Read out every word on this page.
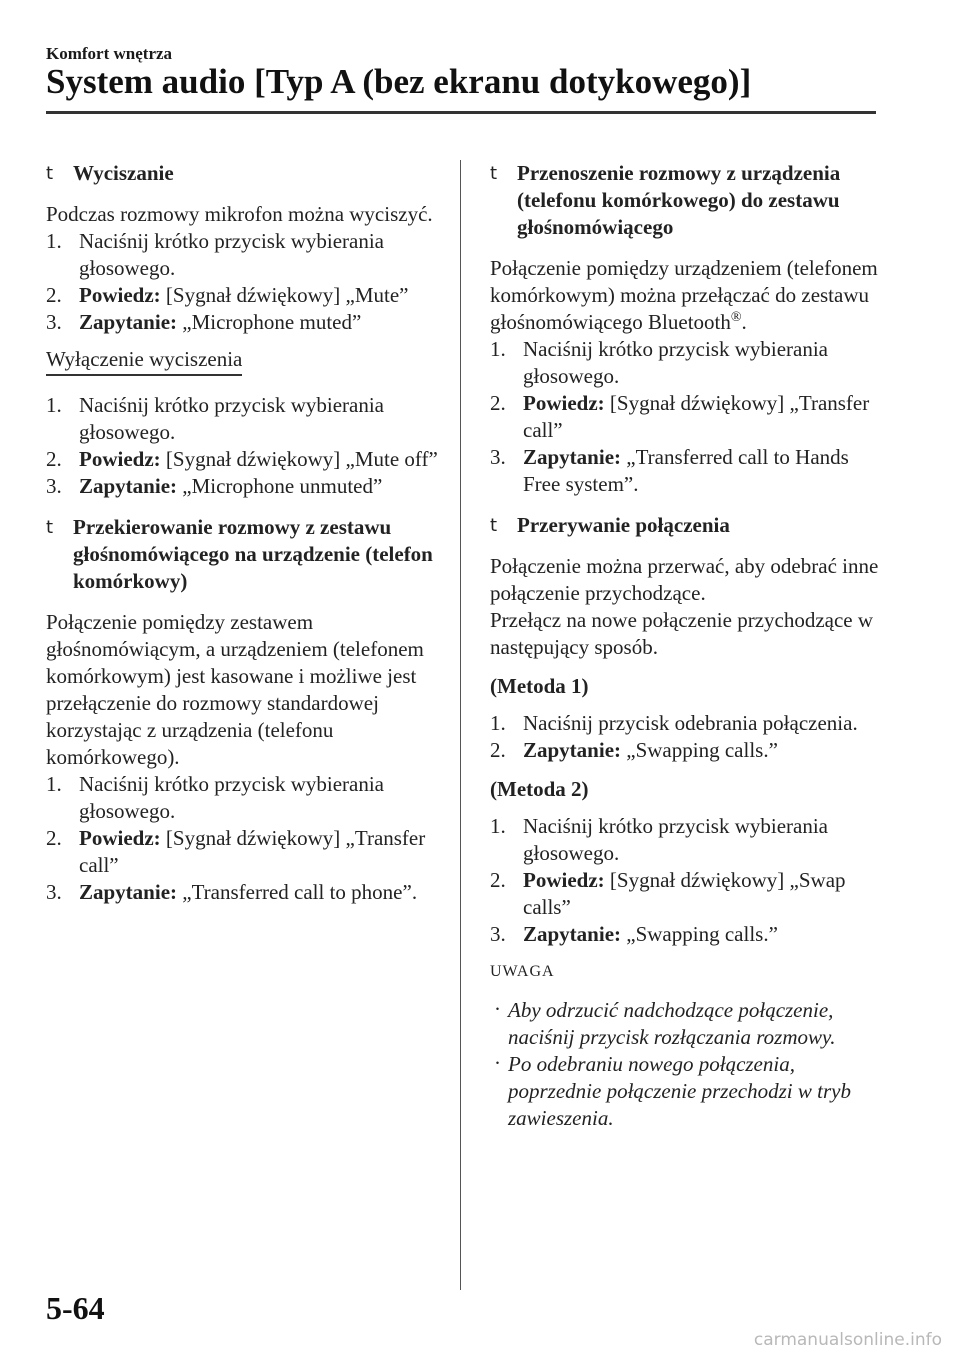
Komfort wnętrza
System audio [Typ A (bez ekranu dotykowego)]
t Wyciszanie

Podczas rozmowy mikrofon można wyciszyć.

1. Naciśnij krótko przycisk wybierania głosowego.
2. Powiedz: [Sygnał dźwiękowy] „Mute”
3. Zapytanie: „Microphone muted”
Wyłączenie wyciszenia
1. Naciśnij krótko przycisk wybierania głosowego.
2. Powiedz: [Sygnał dźwiękowy] „Mute off”
3. Zapytanie: „Microphone unmuted”
t Przekierowanie rozmowy z zestawu głośnomówiącego na urządzenie (telefon komórkowy)

Połączenie pomiędzy zestawem głośnomówiącym, a urządzeniem (telefonem komórkowym) jest kasowane i możliwe jest przełączenie do rozmowy standardowej korzystając z urządzenia (telefonu komórkowego).

1. Naciśnij krótko przycisk wybierania głosowego.
2. Powiedz: [Sygnał dźwiękowy] „Transfer call”
3. Zapytanie: „Transferred call to phone”.
t Przenoszenie rozmowy z urządzenia (telefonu komórkowego) do zestawu głośnomówiącego

Połączenie pomiędzy urządzeniem (telefonem komórkowym) można przełączać do zestawu głośnomówiącego Bluetooth®.

1. Naciśnij krótko przycisk wybierania głosowego.
2. Powiedz: [Sygnał dźwiękowy] „Transfer call”
3. Zapytanie: „Transferred call to Hands Free system”.
t Przerywanie połączenia

Połączenie można przerwać, aby odebrać inne połączenie przychodzące.

Przełącz na nowe połączenie przychodzące w następujący sposób.

(Metoda 1)
1. Naciśnij przycisk odebrania połączenia.
2. Zapytanie: „Swapping calls.”
(Metoda 2)
1. Naciśnij krótko przycisk wybierania głosowego.
2. Powiedz: [Sygnał dźwiękowy] „Swap calls”
3. Zapytanie: „Swapping calls.”
UWAGA
· Aby odrzucić nadchodzące połączenie, naciśnij przycisk rozłączania rozmowy.
· Po odebraniu nowego połączenia, poprzednie połączenie przechodzi w tryb zawieszenia.
5-64
carmanualsonline.info
